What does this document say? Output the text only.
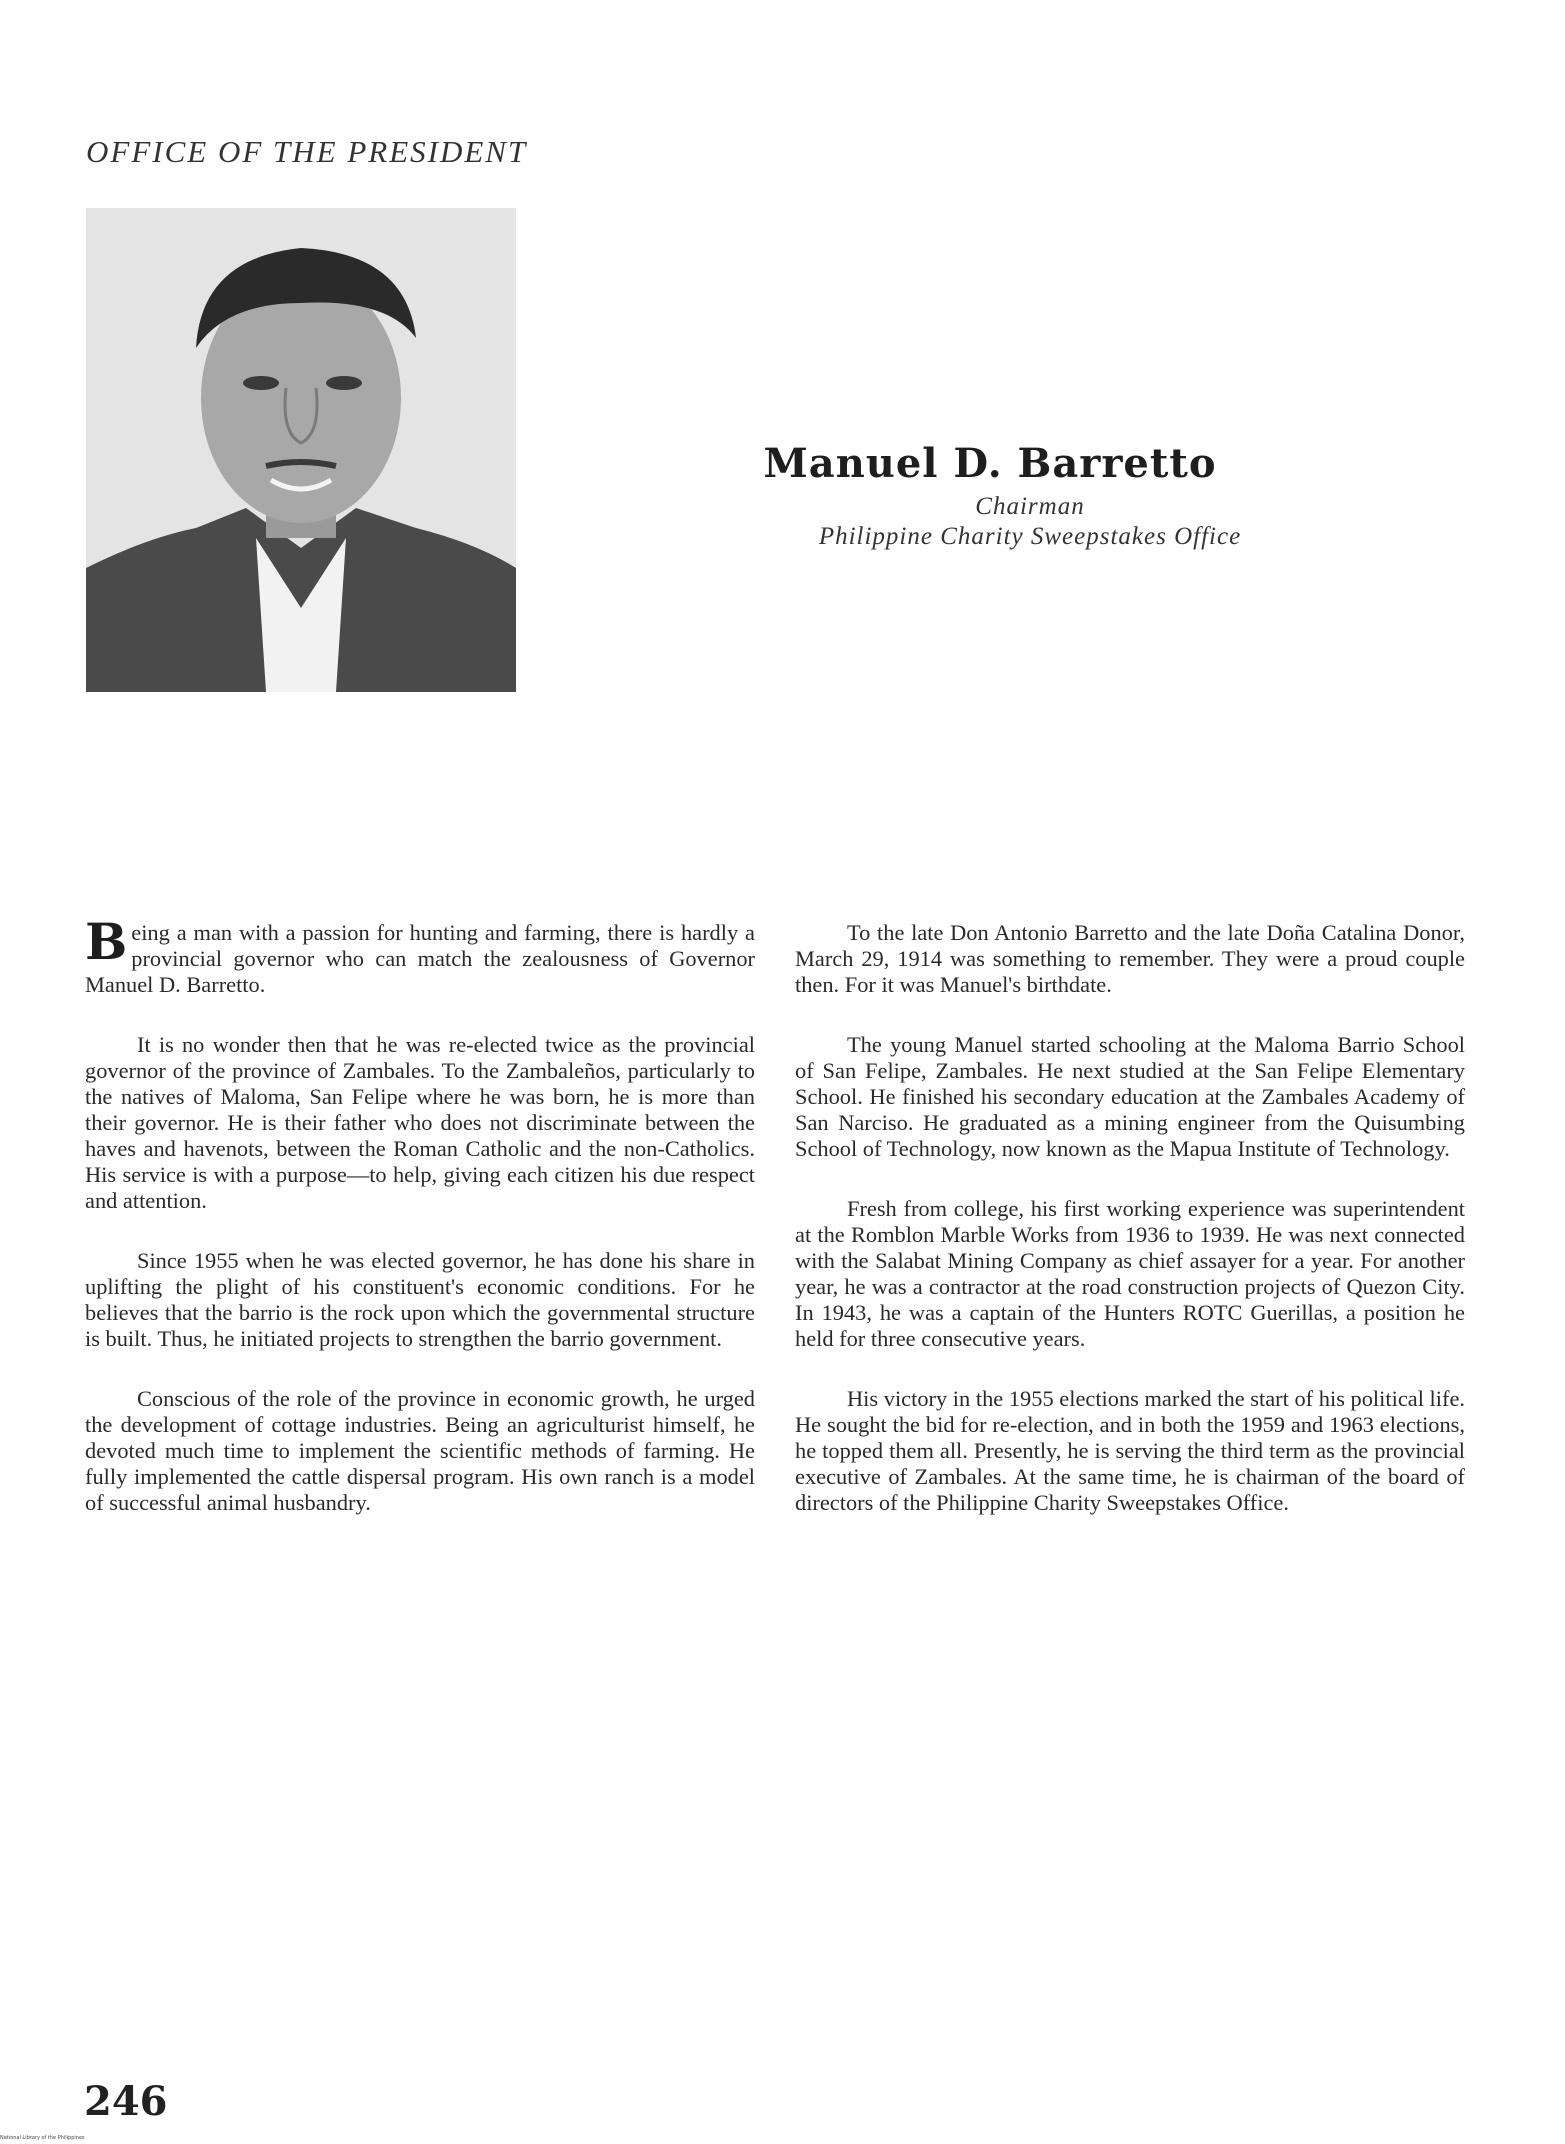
OFFICE OF THE PRESIDENT
Manuel D. Barretto
Chairman
Philippine Charity Sweepstakes Office

Being a man with a passion for hunting and farming, there is hardly a provincial governor who can match the zealousness of Governor Manuel D. Barretto.

It is no wonder then that he was re-elected twice as the provincial governor of the province of Zambales. To the Zambaleños, particularly to the natives of Maloma, San Felipe where he was born, he is more than their governor. He is their father who does not discriminate between the haves and havenots, between the Roman Catholic and the non-Catholics. His service is with a purpose—to help, giving each citizen his due respect and attention.

Since 1955 when he was elected governor, he has done his share in uplifting the plight of his constituent's economic conditions. For he believes that the barrio is the rock upon which the governmental structure is built. Thus, he initiated projects to strengthen the barrio government.

Conscious of the role of the province in economic growth, he urged the development of cottage industries. Being an agriculturist himself, he devoted much time to implement the scientific methods of farming. He fully implemented the cattle dispersal program. His own ranch is a model of successful animal husbandry.

To the late Don Antonio Barretto and the late Doña Catalina Donor, March 29, 1914 was something to remember. They were a proud couple then. For it was Manuel's birthdate.

The young Manuel started schooling at the Maloma Barrio School of San Felipe, Zambales. He next studied at the San Felipe Elementary School. He finished his secondary education at the Zambales Academy of San Narciso. He graduated as a mining engineer from the Quisumbing School of Technology, now known as the Mapua Institute of Technology.

Fresh from college, his first working experience was superintendent at the Romblon Marble Works from 1936 to 1939. He was next connected with the Salabat Mining Company as chief assayer for a year. For another year, he was a contractor at the road construction projects of Quezon City. In 1943, he was a captain of the Hunters ROTC Guerillas, a position he held for three consecutive years.

His victory in the 1955 elections marked the start of his political life. He sought the bid for re-election, and in both the 1959 and 1963 elections, he topped them all. Presently, he is serving the third term as the provincial executive of Zambales. At the same time, he is chairman of the board of directors of the Philippine Charity Sweepstakes Office.

246
National Library of the Philippines
